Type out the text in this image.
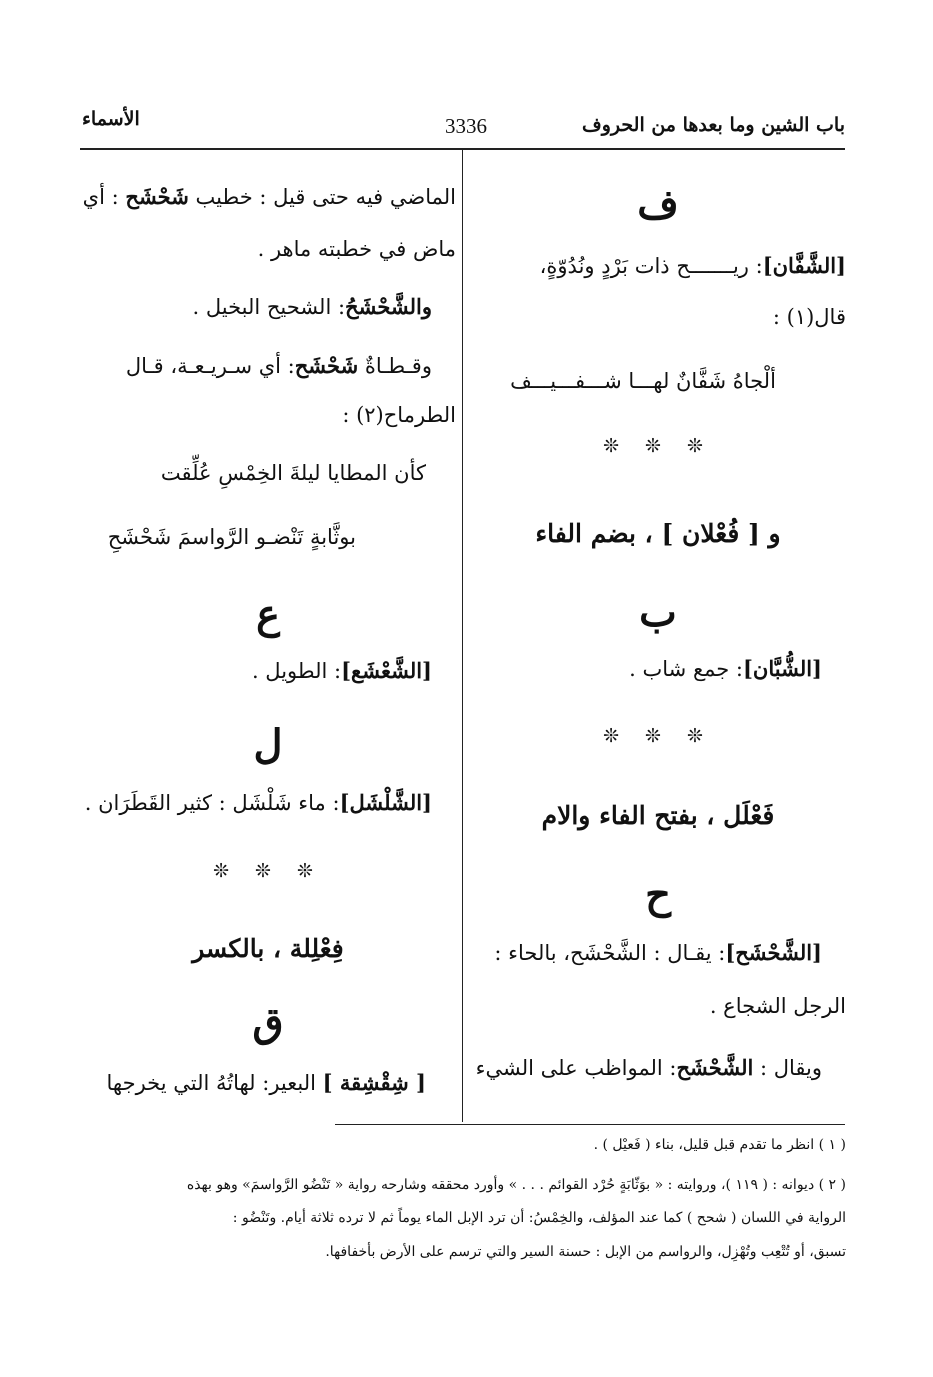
باب الشين وما بعدها من الحروف
3336
الأسماء
ف
[الشَّفَّان]: ريـــــــح ذات بَرْدٍ ونُدُوّةٍ،
قال(١) :
ألْجاهُ شَفَّانٌ لهـــا شـــفـــيـــف
❊ ❊ ❊
و [ فُعْلان ] ، بضم الفاء
ب
[الشُّبَّان]: جمع شاب .
❊ ❊ ❊
فَعْلَل ، بفتح الفاء والام
ح
[الشَّحْشَح]: يقـال : الشَّحْشَح، بالحاء :
الرجل الشجاع .
ويقال : الشَّحْشَح: المواظب على الشيء
الماضي فيه حتى قيل : خطيب شَحْشَح : أي
ماض في خطبته ماهر .
والشَّحْشَحُ: الشحيح البخيل .
وقـطـاةٌ شَحْشَح: أي سـريـعـة، قـال
الطرماح(٢) :
كأن المطايا ليلةَ الخِمْسِ عُلِّقت
بوثَّابةٍ تَنْضـو الرَّواسمَ شَحْشَحِ
ع
[الشَّعْشَع]: الطويل .
ل
[الشَّلْشَل]: ماء شَلْشَل : كثير القَطَرَان .
❊ ❊ ❊
فِعْلِلة ، بالكسر
ق
[ شِقْشِقة ] البعير: لهاتُهُ التي يخرجها
( ١ ) انظر ما تقدم قبل قليل، بناء ( فَعيْل ) .
( ٢ ) ديوانه : ( ١١٩ )، وروايته : « بوَثّابَةٍ حُرْد القوائم . . . » وأورد محققه وشارحه رواية « تَنْضُو الرَّواسمَ» وهو بهذه
الرواية في اللسان ( شحح ) كما عند المؤلف، والخِمْسُ: أن ترد الإبل الماء يوماً ثم لا ترده ثلاثة أيام. وتَنْضُو :
تسبق، أو تُتْعِب وتُهْزِل، والرواسم من الإبل : حسنة السير والتي ترسم على الأرض بأخفافها.
